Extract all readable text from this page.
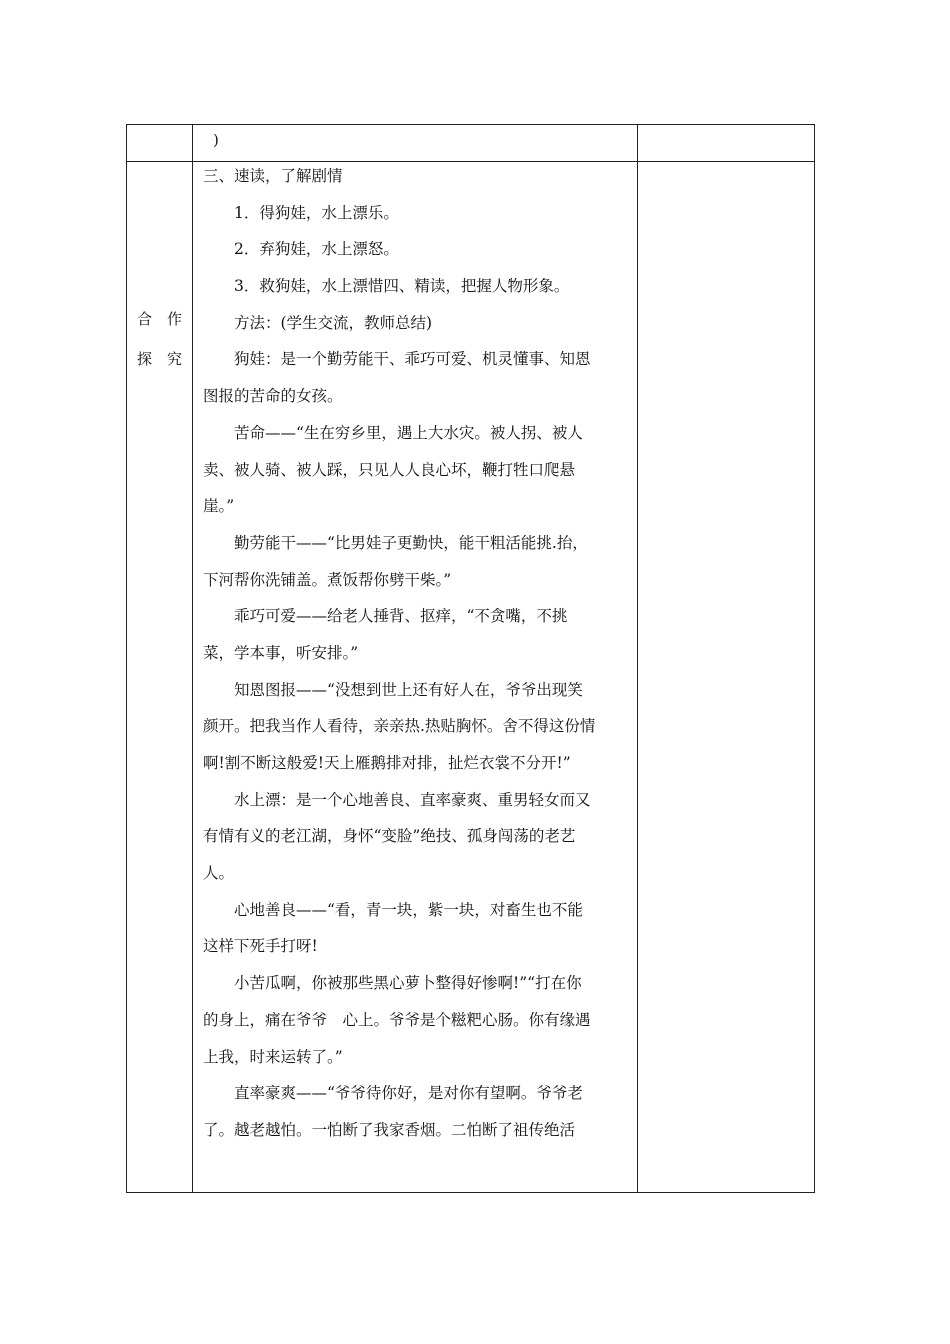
)
合 作
探 究
三、速读，了解剧情
　　1．得狗娃，水上漂乐。
　　2．弃狗娃，水上漂怒。
　　3．救狗娃，水上漂惜四、精读，把握人物形象。
　　方法：(学生交流，教师总结)
　　狗娃：是一个勤劳能干、乖巧可爱、机灵懂事、知恩
图报的苦命的女孩。
　　苦命——“生在穷乡里，遇上大水灾。被人拐、被人
卖、被人骑、被人踩，只见人人良心坏，鞭打牲口爬悬
崖。”
　　勤劳能干——“比男娃子更勤快，能干粗活能挑.抬，
下河帮你洗铺盖。煮饭帮你劈干柴。”
　　乖巧可爱——给老人捶背、抠痒，“不贪嘴，不挑
菜，学本事，听安排。”
　　知恩图报——“没想到世上还有好人在，爷爷出现笑
颜开。把我当作人看待，亲亲热.热贴胸怀。舍不得这份情
啊!割不断这般爱!天上雁鹅排对排，扯烂衣裳不分开!”
　　水上漂：是一个心地善良、直率豪爽、重男轻女而又
有情有义的老江湖，身怀“变脸”绝技、孤身闯荡的老艺
人。
　　心地善良——“看，青一块，紫一块，对畜生也不能
这样下死手打呀!
　　小苦瓜啊，你被那些黑心萝卜整得好惨啊!”“打在你
的身上，痛在爷爷　心上。爷爷是个糍粑心肠。你有缘遇
上我，时来运转了。”
　　直率豪爽——“爷爷待你好，是对你有望啊。爷爷老
了。越老越怕。一怕断了我家香烟。二怕断了祖传绝活
